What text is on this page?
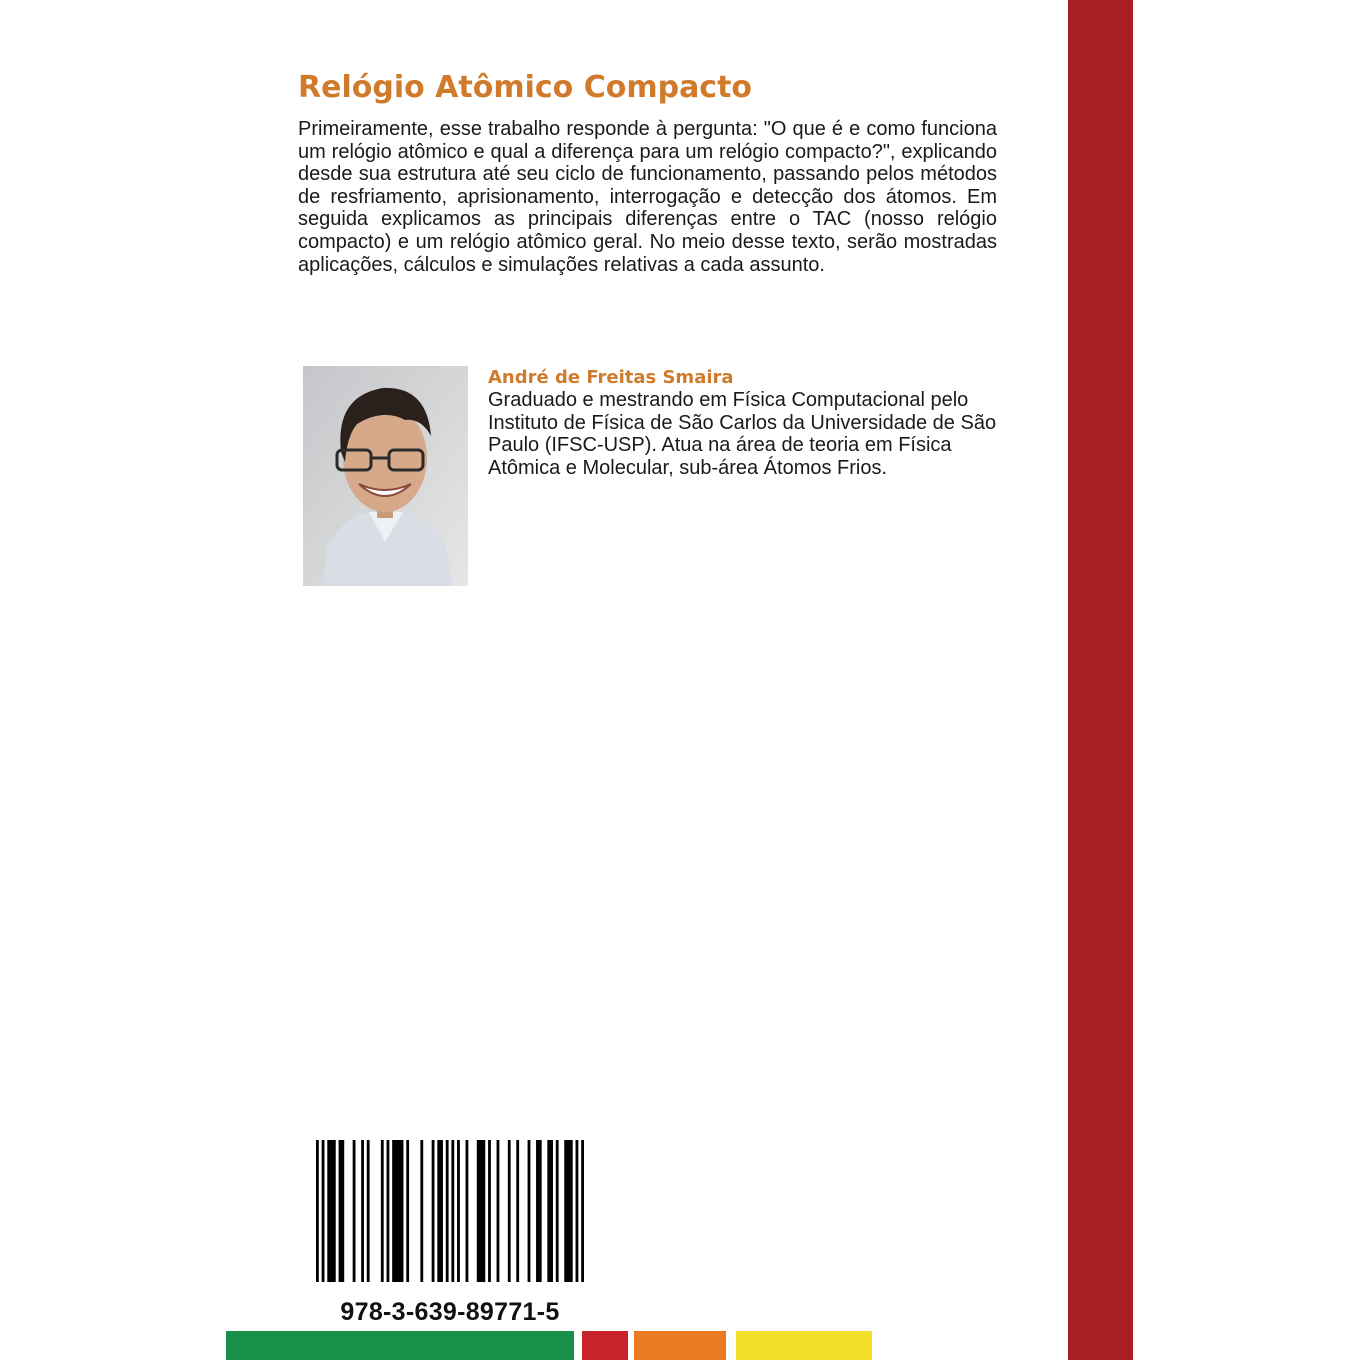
Relógio Atômico Compacto

Primeiramente, esse trabalho responde à pergunta: "O que é e como funciona um relógio atômico e qual a diferença para um relógio compacto?", explicando desde sua estrutura até seu ciclo de funcionamento, passando pelos métodos de resfriamento, aprisionamento, interrogação e detecção dos átomos. Em seguida explicamos as principais diferenças entre o TAC (nosso relógio compacto) e um relógio atômico geral. No meio desse texto, serão mostradas aplicações, cálculos e simulações relativas a cada assunto.

André de Freitas Smaira

Graduado e mestrando em Física Computacional pelo Instituto de Física de São Carlos da Universidade de São Paulo (IFSC-USP). Atua na área de teoria em Física Atômica e Molecular, sub-área Átomos Frios.

978-3-639-89771-5
